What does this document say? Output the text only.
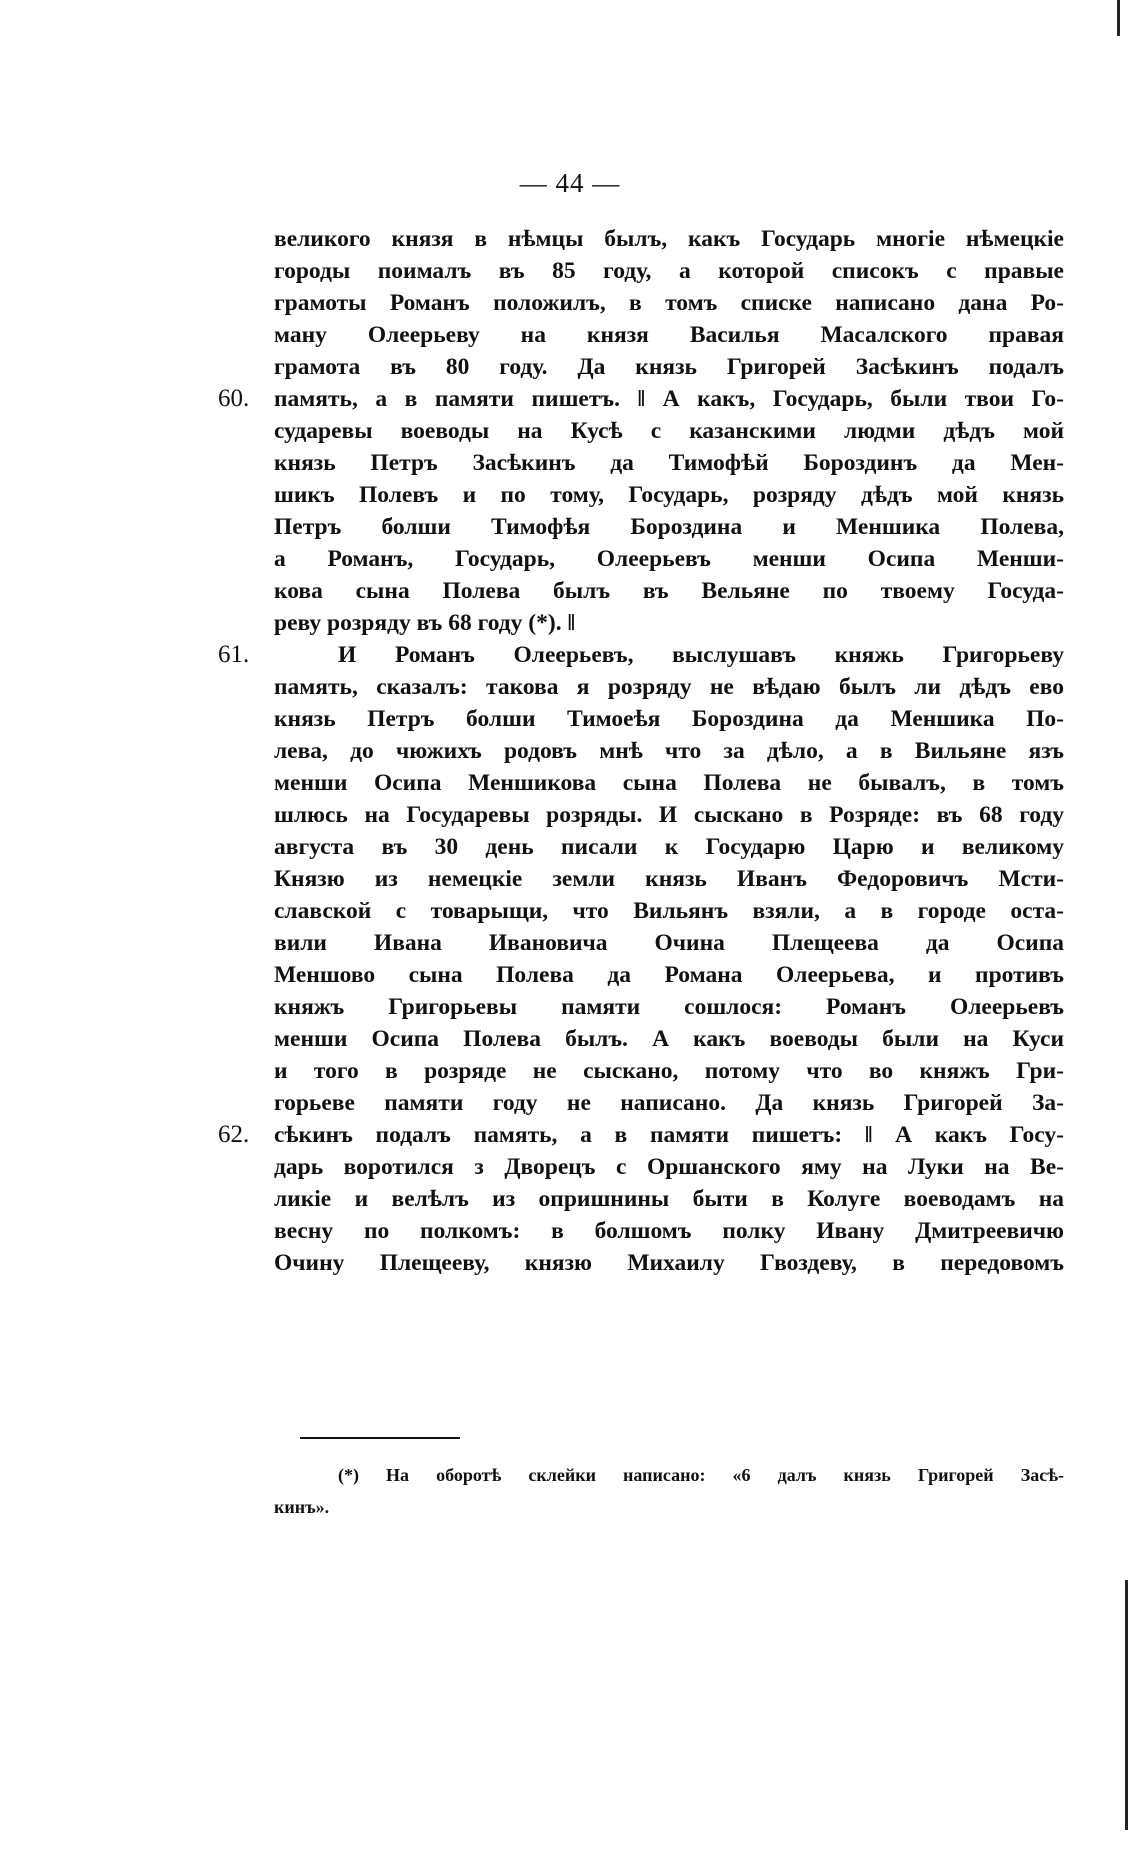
— 44 —
великого князя в нѣмцы былъ, какъ Государь многіе нѣмецкіе
городы поималъ въ 85 году, а которой списокъ с правые
грамоты Романъ положилъ, в томъ списке написано дана Ро-
ману Олеерьеву на князя Василья Масалского правая
грамота въ 80 году. Да князь Григорей Засѣкинъ подалъ
60.	память, а в памяти пишетъ. ‖ А какъ, Государь, были твои Го-
сударевы воеводы на Кусѣ с казанскими людми дѣдъ мой
князь Петръ Засѣкинъ да Тимофѣй Бороздинъ да Мен-
шикъ Полевъ и по тому, Государь, розряду дѣдъ мой князь
Петръ болши Тимофѣя Бороздина и Меншика Полева,
а Романъ, Государь, Олеерьевъ менши Осипа Менши-
кова сына Полева былъ въ Вельяне по твоему Госуда-
реву розряду въ 68 году (*). ‖
61.	И Романъ Олеерьевъ, выслушавъ княжь Григорьеву
память, сказалъ: такова я розряду не вѣдаю былъ ли дѣдъ ево
князь Петръ болши Тимоеѣя Бороздина да Меншика По-
лева, до чюжихъ родовъ мнѣ что за дѣло, а в Вильяне язъ
менши Осипа Меншикова сына Полева не бывалъ, в томъ
шлюсь на Государевы розряды. И сыскано в Розряде: въ 68 году
августа въ 30 день писали к Государю Царю и великому
Князю из немецкіе земли князь Иванъ Федоровичъ Мсти-
славской с товарыщи, что Вильянъ взяли, а в городе оста-
вили Ивана Ивановича Очина Плещеева да Осипа
Меншово сына Полева да Романа Олеерьева, и противъ
княжъ Григорьевы памяти сошлося: Романъ Олеерьевъ
менши Осипа Полева былъ. А какъ воеводы были на Куси
и того в розряде не сыскано, потому что во княжъ Гри-
горьеве памяти году не написано. Да князь Григорей За-
62.	сѣкинъ подалъ память, а в памяти пишетъ: ‖ А какъ Госу-
дарь воротился з Дворецъ с Оршанского яму на Луки на Ве-
ликіе и велѣлъ из опришнины быти в Колуге воеводамъ на
весну по полкомъ: в болшомъ полку Ивану Дмитреевичю
Очину Плещееву, князю Михаилу Гвоздеву, в передовомъ
(*) На оборотѣ склейки написано: «6 далъ князь Григорей Засѣ-
кинъ».
